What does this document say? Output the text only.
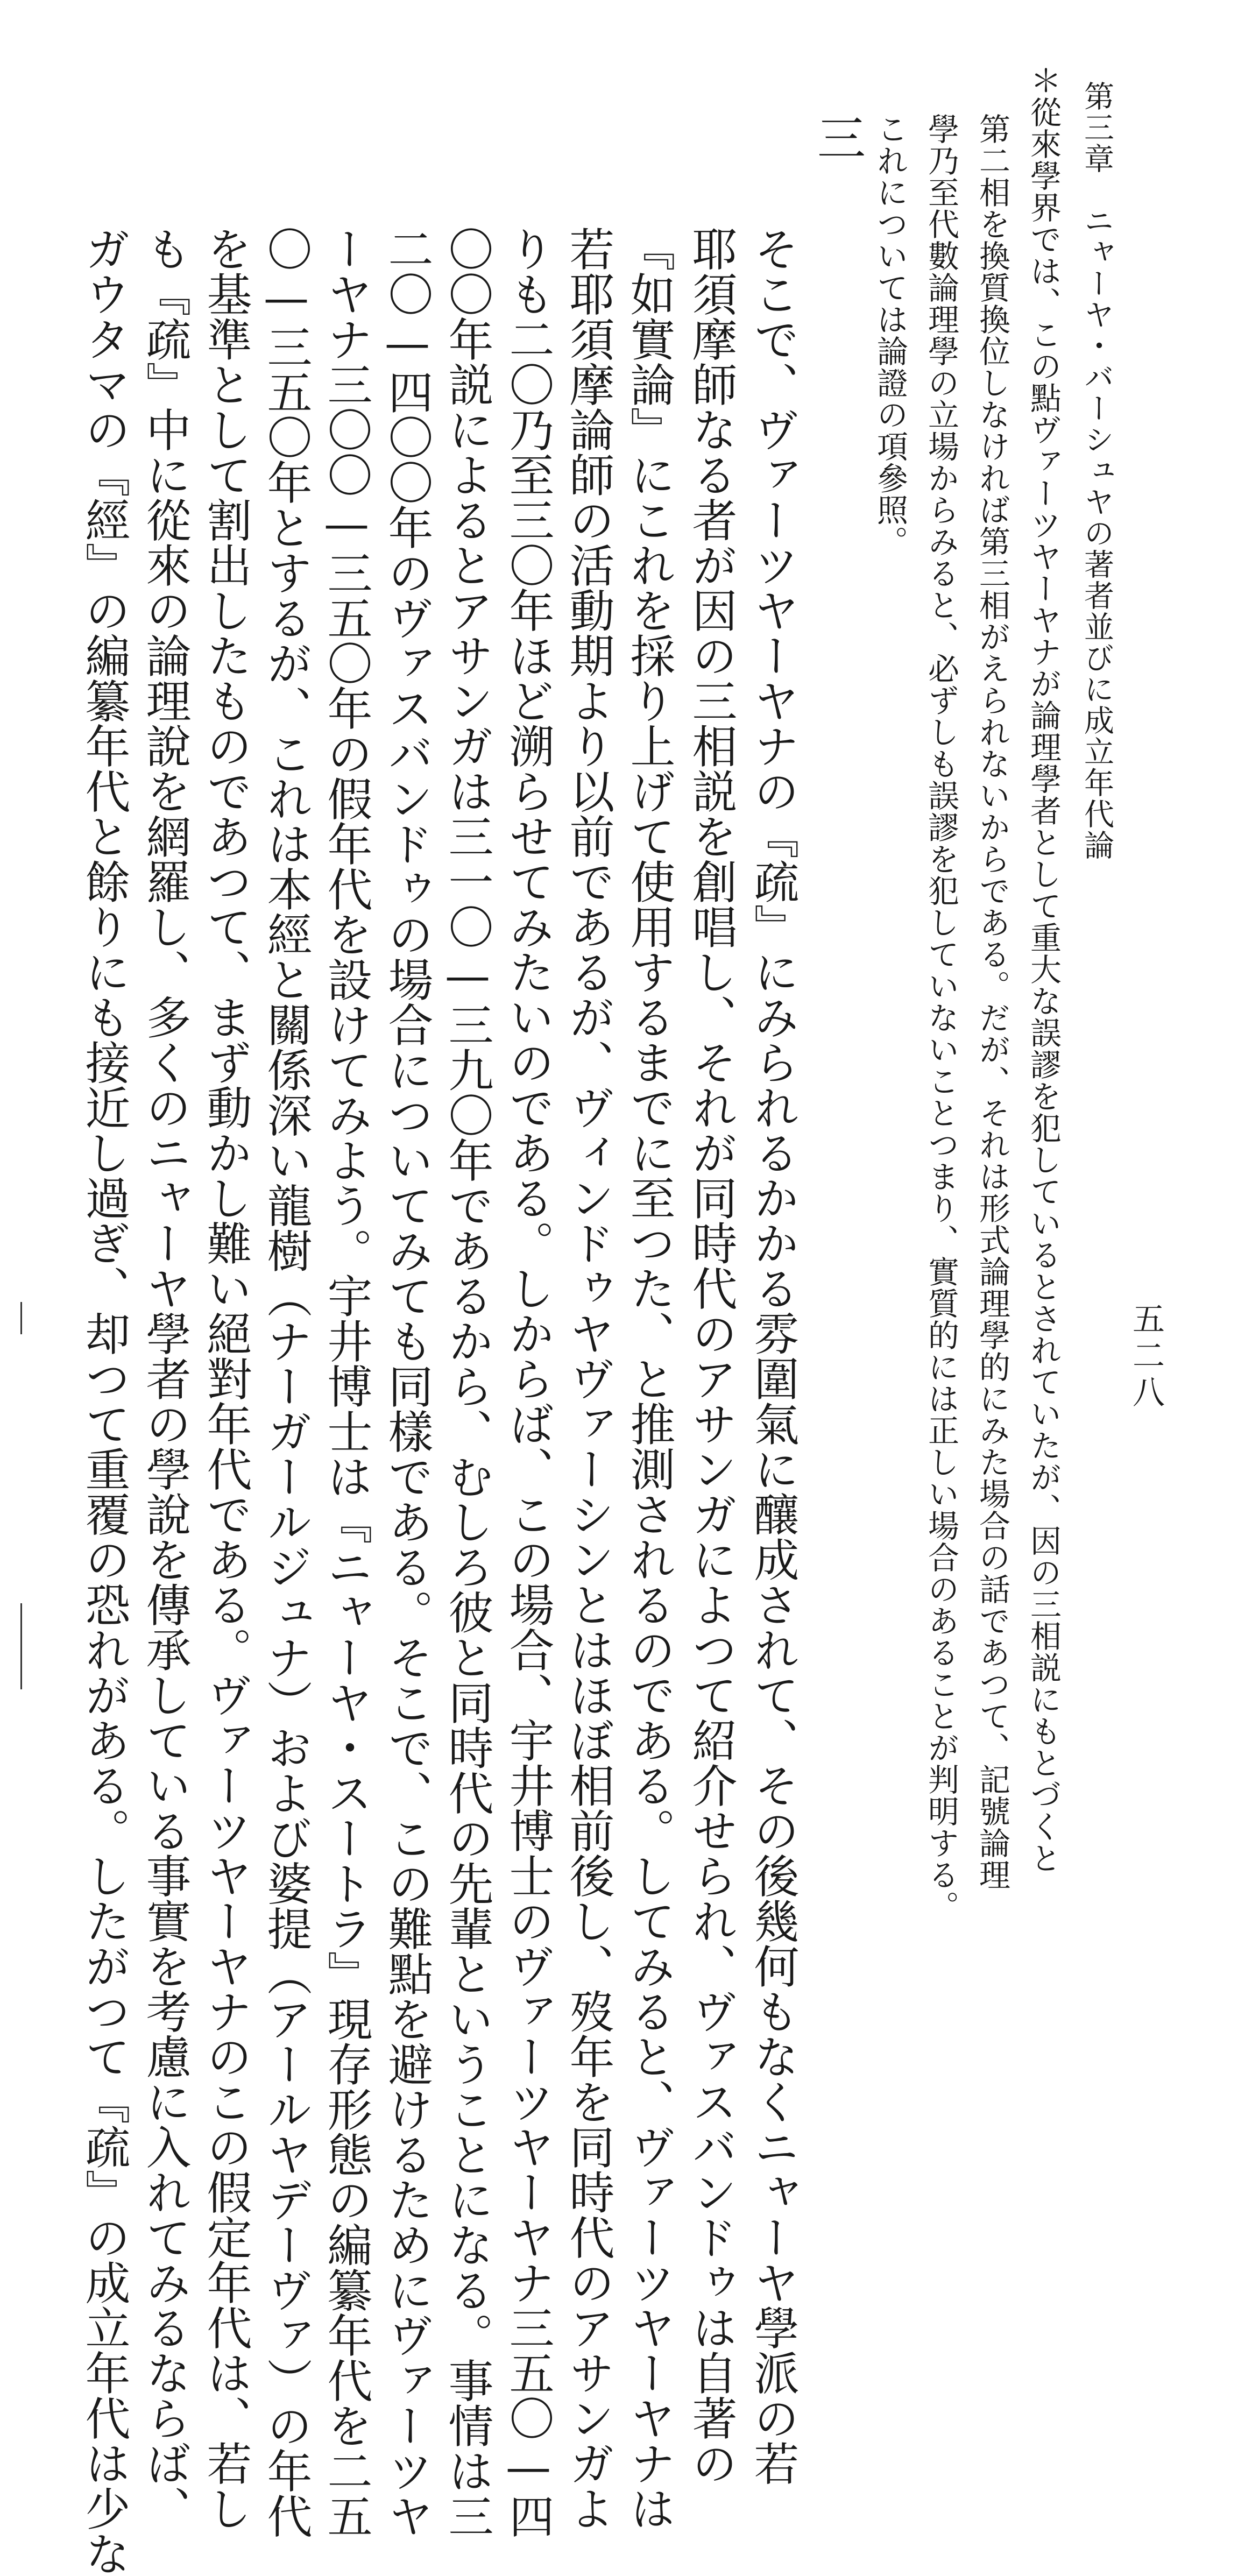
第三章　ニャーヤ・バーシュヤの著者並びに成立年代論
五二八
＊從來學界では、この點ヴァーツヤーヤナが論理學者として重大な誤謬を犯しているとされていたが、因の三相説にもとづくと
第二相を換質換位しなければ第三相がえられないからである。だが、それは形式論理學的にみた場合の話であつて、記號論理
學乃至代數論理學の立場からみると、必ずしも誤謬を犯していないことつまり、實質的には正しい場合のあることが判明する。
これについては論證の項參照。
三
そこで、ヴァーツヤーヤナの『疏』にみられるかかる雰圍氣に釀成されて、その後幾何もなくニャーヤ學派の若
耶須摩師なる者が因の三相説を創唱し、それが同時代のアサンガによつて紹介せられ、ヴァスバンドゥは自著の
『如實論』にこれを採り上げて使用するまでに至つた、と推測されるのである。してみると、ヴァーツヤーヤナは
若耶須摩論師の活動期より以前であるが、ヴィンドゥヤヴァーシンとはほぼ相前後し、歿年を同時代のアサンガよ
りも二〇乃至三〇年ほど溯らせてみたいのである。しからば、この場合、宇井博士のヴァーツヤーヤナ三五〇—四
〇〇年説によるとアサンガは三一〇—三九〇年であるから、むしろ彼と同時代の先輩ということになる。事情は三
二〇—四〇〇年のヴァスバンドゥの場合についてみても同樣である。そこで、この難點を避けるためにヴァーツヤ
ーヤナ三〇〇—三五〇年の假年代を設けてみよう。宇井博士は『ニャーヤ・スートラ』現存形態の編纂年代を二五
〇—三五〇年とするが、これは本經と關係深い龍樹（ナーガールジュナ）および婆提（アールヤデーヴァ）の年代
を基準として割出したものであつて、まず動かし難い絕對年代である。ヴァーツヤーヤナのこの假定年代は、若し
も『疏』中に從來の論理說を網羅し、多くのニャーヤ學者の學說を傳承している事實を考慮に入れてみるならば、
ガウタマの『經』の編纂年代と餘りにも接近し過ぎ、却つて重覆の恐れがある。したがつて『疏』の成立年代は少な
